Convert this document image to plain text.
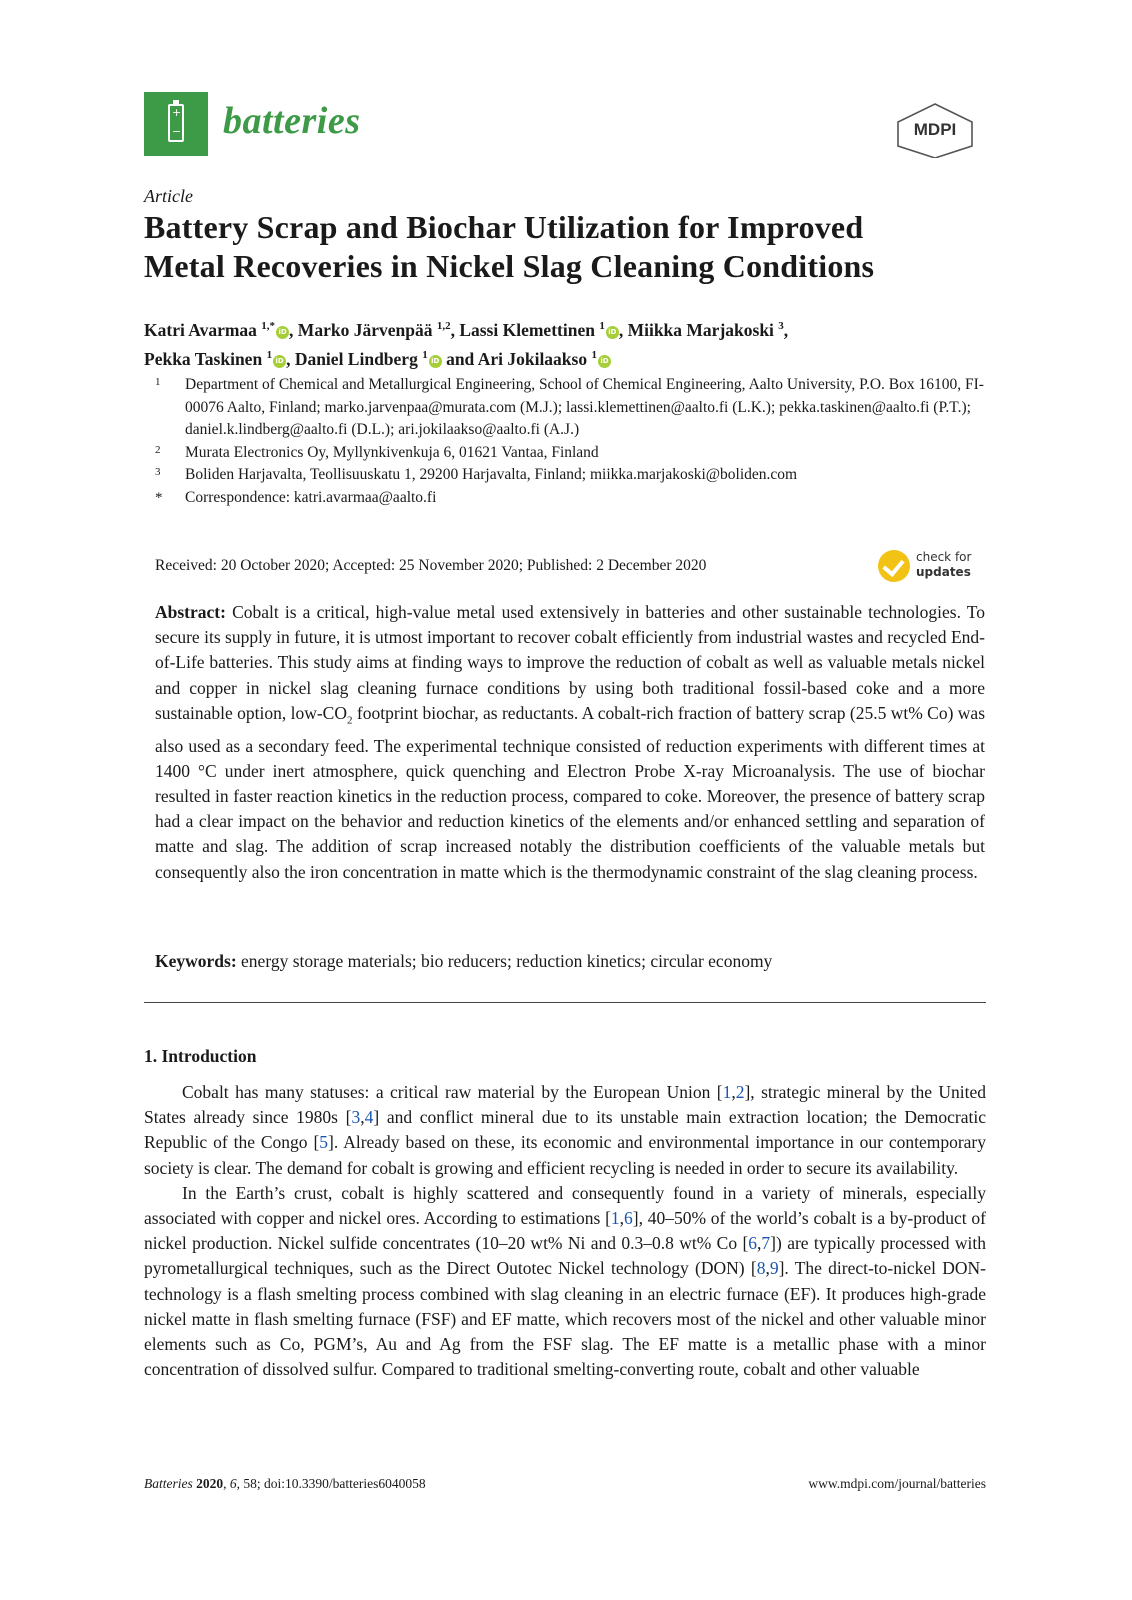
+
− batteries	MDPI
Article
Battery Scrap and Biochar Utilization for Improved
Metal Recoveries in Nickel Slag Cleaning Conditions
Katri Avarmaa $^{1,*}$ iD , Marko Järvenpää $^{1,2}$, Lassi Klemettinen $^1$ iD , Miikka Marjakoski $^3$,
Pekka Taskinen $^1$ iD , Daniel Lindberg $^1$ iD and Ari Jokilaakso $^1$ iD
1 Department of Chemical and Metallurgical Engineering, School of Chemical Engineering, Aalto University, P.O. Box 16100, FI-00076 Aalto, Finland; marko.jarvenpaa@murata.com (M.J.); lassi.klemettinen@aalto.fi (L.K.); pekka.taskinen@aalto.fi (P.T.); daniel.k.lindberg@aalto.fi (D.L.); ari.jokilaakso@aalto.fi (A.J.)
2 Murata Electronics Oy, Myllynkivenkuja 6, 01621 Vantaa, Finland
3 Boliden Harjavalta, Teollisuuskatu 1, 29200 Harjavalta, Finland; miikka.marjakoski@boliden.com
* Correspondence: katri.avarmaa@aalto.fi
Received: 20 October 2020; Accepted: 25 November 2020; Published: 2 December 2020	check for
updates
Abstract: Cobalt is a critical, high-value metal used extensively in batteries and other sustainable technologies. To secure its supply in future, it is utmost important to recover cobalt efficiently from industrial wastes and recycled End-of-Life batteries. This study aims at finding ways to improve the reduction of cobalt as well as valuable metals nickel and copper in nickel slag cleaning furnace conditions by using both traditional fossil-based coke and a more sustainable option, low-$CO_2$ footprint biochar, as reductants. A cobalt-rich fraction of battery scrap (25.5 wt% Co) was also used as a secondary feed. The experimental technique consisted of reduction experiments with different times at 1400 °C under inert atmosphere, quick quenching and Electron Probe X-ray Microanalysis. The use of biochar resulted in faster reaction kinetics in the reduction process, compared to coke. Moreover, the presence of battery scrap had a clear impact on the behavior and reduction kinetics of the elements and/or enhanced settling and separation of matte and slag. The addition of scrap increased notably the distribution coefficients of the valuable metals but consequently also the iron concentration in matte which is the thermodynamic constraint of the slag cleaning process.
Keywords: energy storage materials; bio reducers; reduction kinetics; circular economy
1. Introduction

Cobalt has many statuses: a critical raw material by the European Union [1,2], strategic mineral by the United States already since 1980s [3,4] and conflict mineral due to its unstable main extraction location; the Democratic Republic of the Congo [5]. Already based on these, its economic and environmental importance in our contemporary society is clear. The demand for cobalt is growing and efficient recycling is needed in order to secure its availability.

In the Earth’s crust, cobalt is highly scattered and consequently found in a variety of minerals, especially associated with copper and nickel ores. According to estimations [1,6], 40–50% of the world’s cobalt is a by-product of nickel production. Nickel sulfide concentrates (10–20 wt% Ni and 0.3–0.8 wt% Co [6,7]) are typically processed with pyrometallurgical techniques, such as the Direct Outotec Nickel technology (DON) [8,9]. The direct-to-nickel DON-technology is a flash smelting process combined with slag cleaning in an electric furnace (EF). It produces high-grade nickel matte in flash smelting furnace (FSF) and EF matte, which recovers most of the nickel and other valuable minor elements such as Co, PGM’s, Au and Ag from the FSF slag. The EF matte is a metallic phase with a minor concentration of dissolved sulfur. Compared to traditional smelting-converting route, cobalt and other valuable

Batteries 2020, 6, 58; doi:10.3390/batteries6040058	www.mdpi.com/journal/batteries
